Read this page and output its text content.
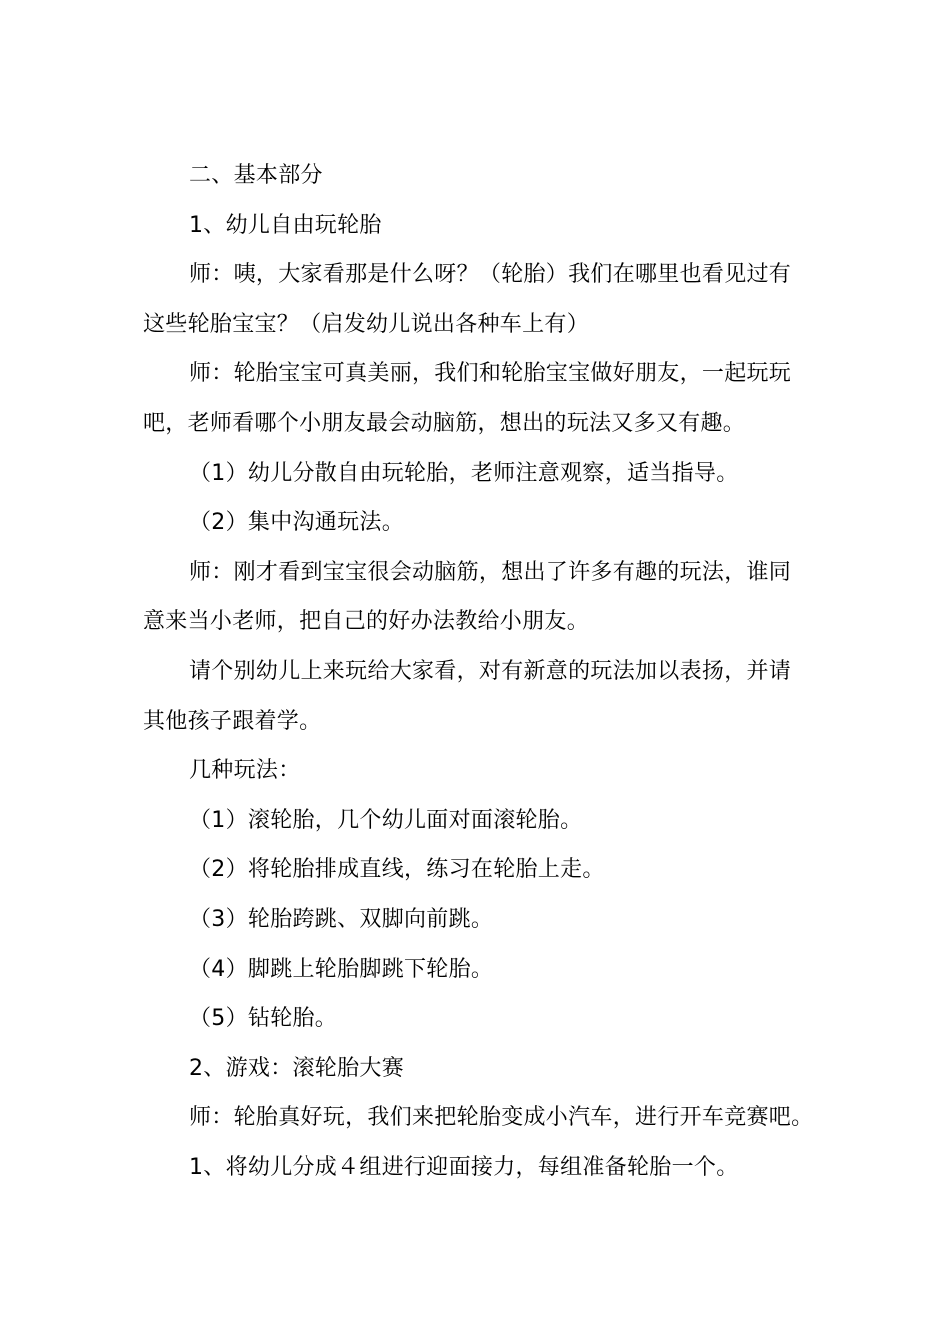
二、基本部分

1、幼儿自由玩轮胎

师：咦，大家看那是什么呀？（轮胎）我们在哪里也看见过有这些轮胎宝宝？（启发幼儿说出各种车上有）

师：轮胎宝宝可真美丽，我们和轮胎宝宝做好朋友，一起玩玩吧，老师看哪个小朋友最会动脑筋，想出的玩法又多又有趣。

（1）幼儿分散自由玩轮胎，老师注意观察，适当指导。

（2）集中沟通玩法。

师：刚才看到宝宝很会动脑筋，想出了许多有趣的玩法，谁同意来当小老师，把自己的好办法教给小朋友。

请个别幼儿上来玩给大家看，对有新意的玩法加以表扬，并请其他孩子跟着学。

几种玩法：

（1）滚轮胎，几个幼儿面对面滚轮胎。

（2）将轮胎排成直线，练习在轮胎上走。

（3）轮胎跨跳、双脚向前跳。

（4）脚跳上轮胎脚跳下轮胎。

（5）钻轮胎。

2、游戏：滚轮胎大赛

师：轮胎真好玩，我们来把轮胎变成小汽车，进行开车竞赛吧。

1、将幼儿分成４组进行迎面接力，每组准备轮胎一个。
